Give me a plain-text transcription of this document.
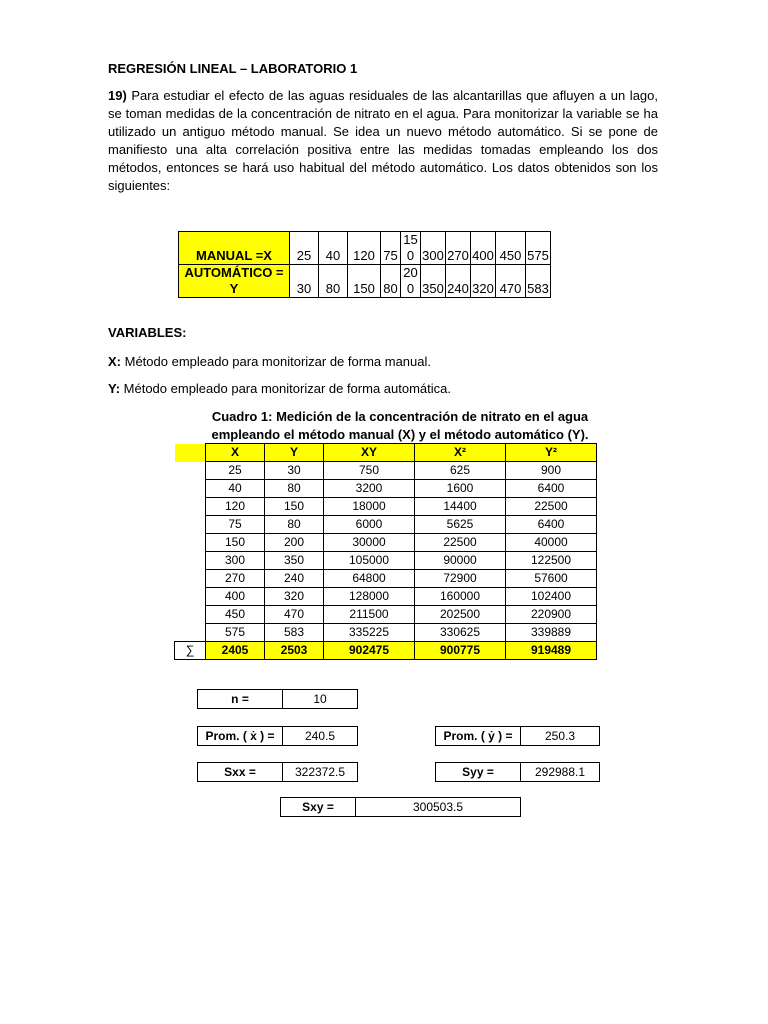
REGRESIÓN LINEAL – LABORATORIO 1
19) Para estudiar el efecto de las aguas residuales de las alcantarillas que afluyen a un lago, se toman medidas de la concentración de nitrato en el agua. Para monitorizar la variable se ha utilizado un antiguo método manual. Se idea un nuevo método automático. Si se pone de manifiesto una alta correlación positiva entre las medidas tomadas empleando los dos métodos, entonces se hará uso habitual del método automático. Los datos obtenidos son los siguientes:
MANUAL =X	25	40	120	75	150	300	270	400	450	575
AUTOMÁTICO = Y	30	80	150	80	200	350	240	320	470	583
VARIABLES:
X: Método empleado para monitorizar de forma manual.
Y: Método empleado para monitorizar de forma automática.
Cuadro 1: Medición de la concentración de nitrato en el agua
empleando el método manual (X) y el método automático (Y).
	X	Y	XY	X²	Y²
	25	30	750	625	900
	40	80	3200	1600	6400
	120	150	18000	14400	22500
	75	80	6000	5625	6400
	150	200	30000	22500	40000
	300	350	105000	90000	122500
	270	240	64800	72900	57600
	400	320	128000	160000	102400
	450	470	211500	202500	220900
	575	583	335225	330625	339889
∑	2405	2503	902475	900775	919489
n =	10
Prom. ( ẋ ) =	240.5	Prom. ( ẏ ) =	250.3
Sxx =	322372.5	Syy =	292988.1
Sxy =	300503.5
